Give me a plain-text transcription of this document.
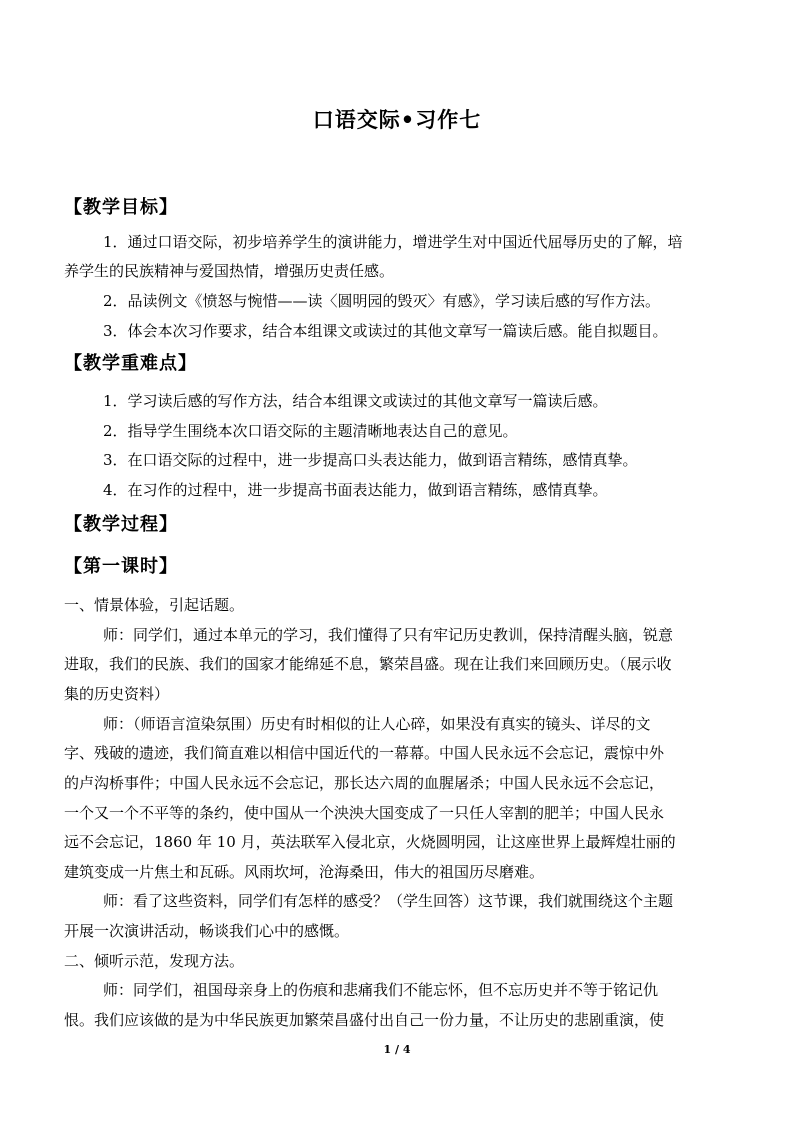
口语交际•习作七
【教学目标】
1．通过口语交际，初步培养学生的演讲能力，增进学生对中国近代屈辱历史的了解，培
养学生的民族精神与爱国热情，增强历史责任感。
2．品读例文《愤怒与惋惜——读〈圆明园的毁灭〉有感》，学习读后感的写作方法。
3．体会本次习作要求，结合本组课文或读过的其他文章写一篇读后感。能自拟题目。
【教学重难点】
1．学习读后感的写作方法，结合本组课文或读过的其他文章写一篇读后感。
2．指导学生围绕本次口语交际的主题清晰地表达自己的意见。
3．在口语交际的过程中，进一步提高口头表达能力，做到语言精练，感情真挚。
4．在习作的过程中，进一步提高书面表达能力，做到语言精练，感情真挚。
【教学过程】
【第一课时】
一、情景体验，引起话题。
师：同学们，通过本单元的学习，我们懂得了只有牢记历史教训，保持清醒头脑，锐意
进取，我们的民族、我们的国家才能绵延不息，繁荣昌盛。现在让我们来回顾历史。（展示收
集的历史资料）
师：（师语言渲染氛围）历史有时相似的让人心碎，如果没有真实的镜头、详尽的文
字、残破的遗迹，我们简直难以相信中国近代的一幕幕。中国人民永远不会忘记，震惊中外
的卢沟桥事件；中国人民永远不会忘记，那长达六周的血腥屠杀；中国人民永远不会忘记，
一个又一个不平等的条约，使中国从一个泱泱大国变成了一只任人宰割的肥羊；中国人民永
远不会忘记，1860 年 10 月，英法联军入侵北京，火烧圆明园，让这座世界上最辉煌壮丽的
建筑变成一片焦土和瓦砾。风雨坎坷，沧海桑田，伟大的祖国历尽磨难。
师：看了这些资料，同学们有怎样的感受？（学生回答）这节课，我们就围绕这个主题
开展一次演讲活动，畅谈我们心中的感慨。
二、倾听示范，发现方法。
师：同学们，祖国母亲身上的伤痕和悲痛我们不能忘怀，但不忘历史并不等于铭记仇
恨。我们应该做的是为中华民族更加繁荣昌盛付出自己一份力量，不让历史的悲剧重演，使
1 / 4
